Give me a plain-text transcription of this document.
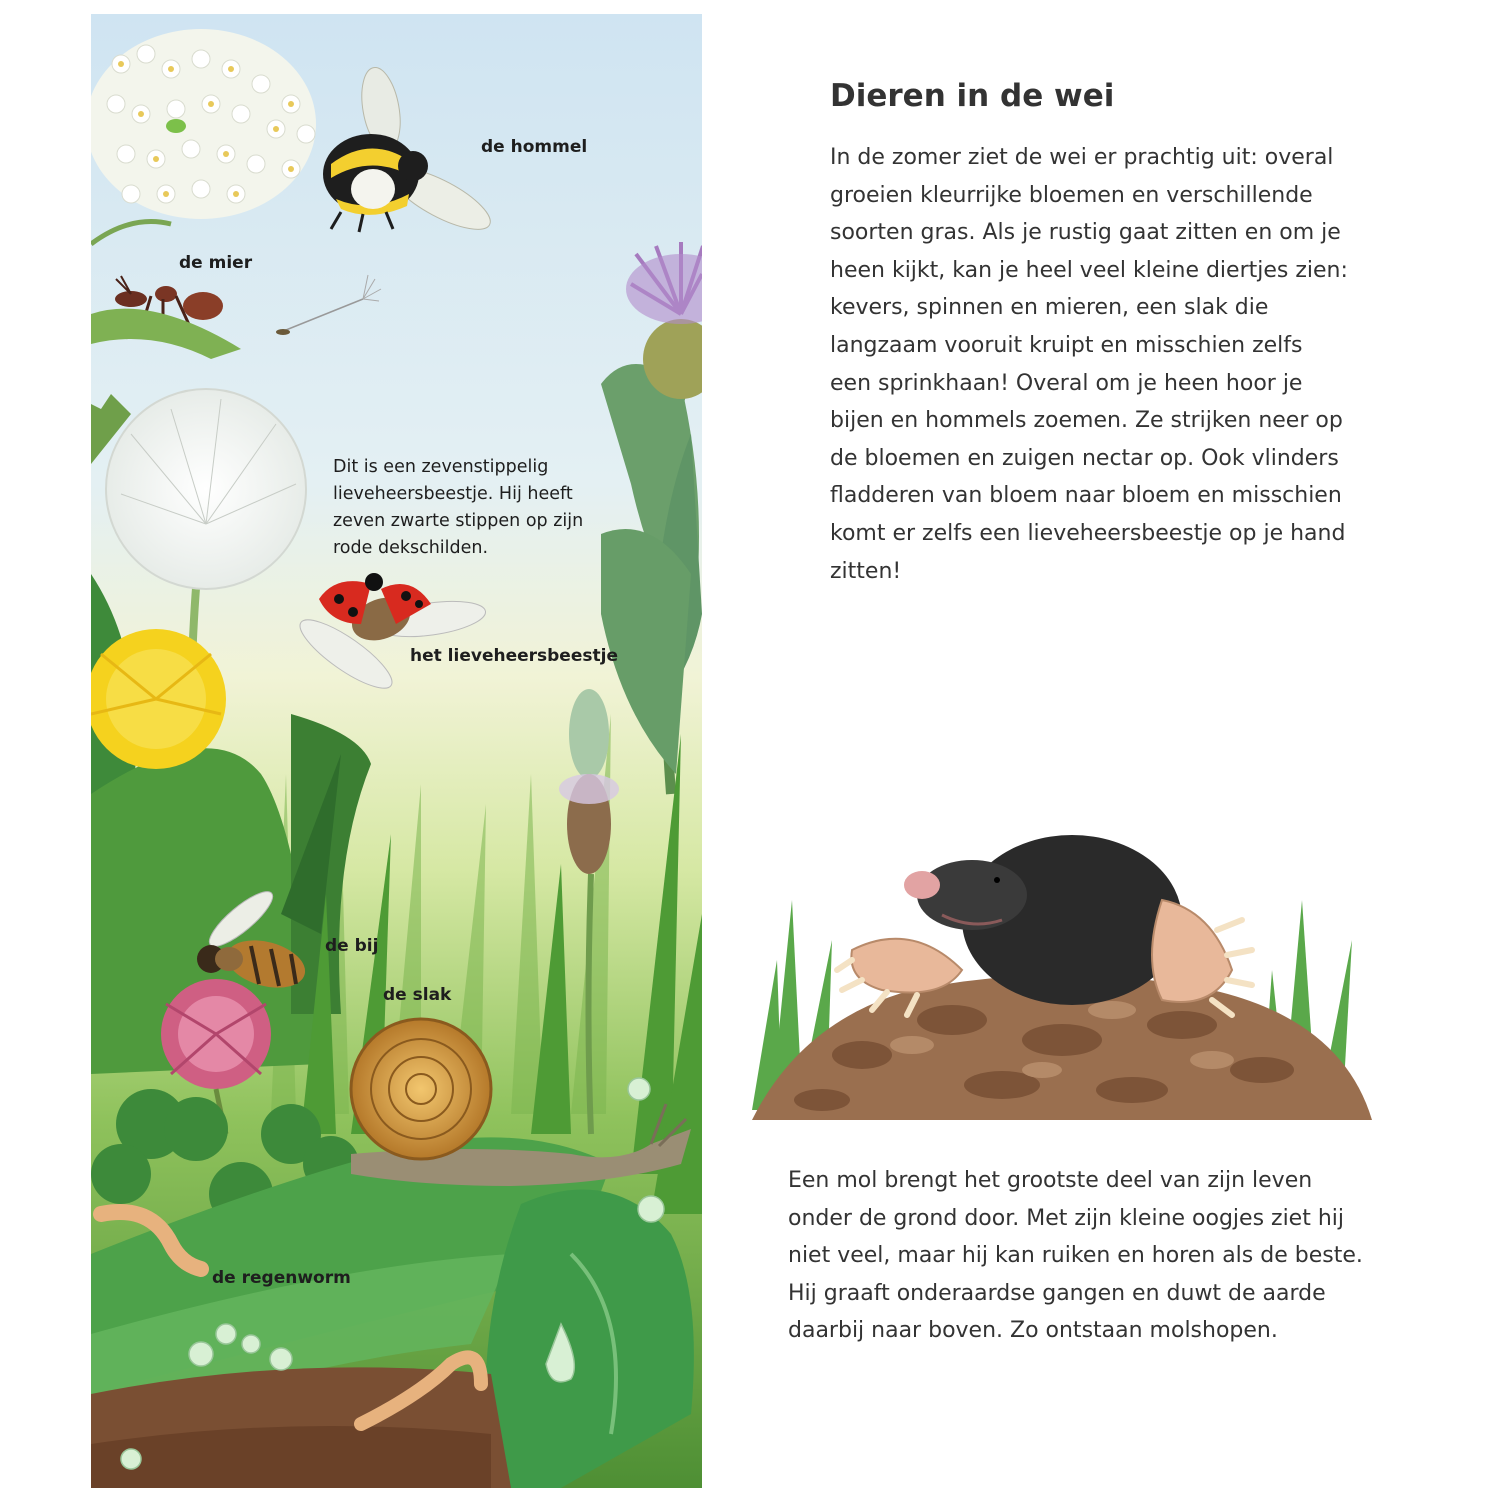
de hommel
de mier
het lieveheersbeestje
de bij
de slak
de regenworm
Dit is een zevenstippelig
lieveheersbeestje. Hij heeft
zeven zwarte stippen op zijn
rode dekschilden.
Dieren in de wei
In de zomer ziet de wei er prachtig uit: overal
groeien kleurrijke bloemen en verschillende
soorten gras. Als je rustig gaat zitten en om je
heen kijkt, kan je heel veel kleine diertjes zien:
kevers, spinnen en mieren, een slak die
langzaam vooruit kruipt en misschien zelfs
een sprinkhaan! Overal om je heen hoor je
bijen en hommels zoemen. Ze strijken neer op
de bloemen en zuigen nectar op. Ook vlinders
fladderen van bloem naar bloem en misschien
komt er zelfs een lieveheersbeestje op je hand
zitten!
Een mol brengt het grootste deel van zijn leven
onder de grond door. Met zijn kleine oogjes ziet hij
niet veel, maar hij kan ruiken en horen als de beste.
Hij graaft onderaardse gangen en duwt de aarde
daarbij naar boven. Zo ontstaan molshopen.
